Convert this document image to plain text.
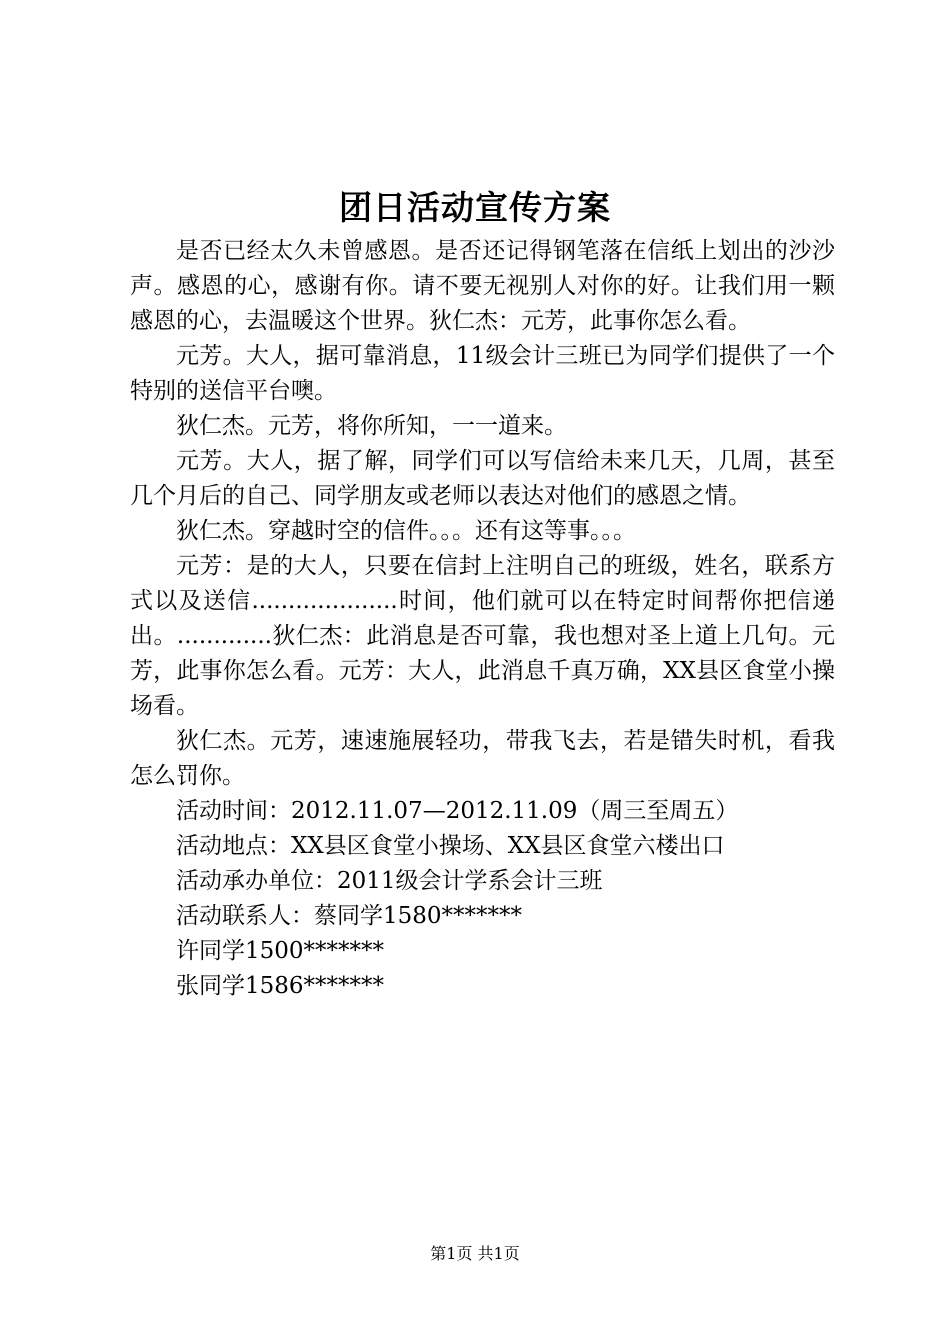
团日活动宣传方案

是否已经太久未曾感恩。是否还记得钢笔落在信纸上划出的沙沙声。感恩的心，感谢有你。请不要无视别人对你的好。让我们用一颗感恩的心，去温暖这个世界。狄仁杰：元芳，此事你怎么看。

元芳。大人，据可靠消息，11级会计三班已为同学们提供了一个特别的送信平台噢。

狄仁杰。元芳，将你所知，一一道来。

元芳。大人，据了解，同学们可以写信给未来几天，几周，甚至几个月后的自己、同学朋友或老师以表达对他们的感恩之情。

狄仁杰。穿越时空的信件。。。还有这等事。。。

元芳：是的大人，只要在信封上注明自己的班级，姓名，联系方式以及送信....................时间，他们就可以在特定时间帮你把信递出。.............狄仁杰：此消息是否可靠，我也想对圣上道上几句。元芳，此事你怎么看。元芳：大人，此消息千真万确，XX县区食堂小操场看。

狄仁杰。元芳，速速施展轻功，带我飞去，若是错失时机，看我怎么罚你。

活动时间：2012.11.07—2012.11.09（周三至周五）

活动地点：XX县区食堂小操场、XX县区食堂六楼出口

活动承办单位：2011级会计学系会计三班

活动联系人：蔡同学1580*******

许同学1500*******

张同学1586*******

第1页 共1页
